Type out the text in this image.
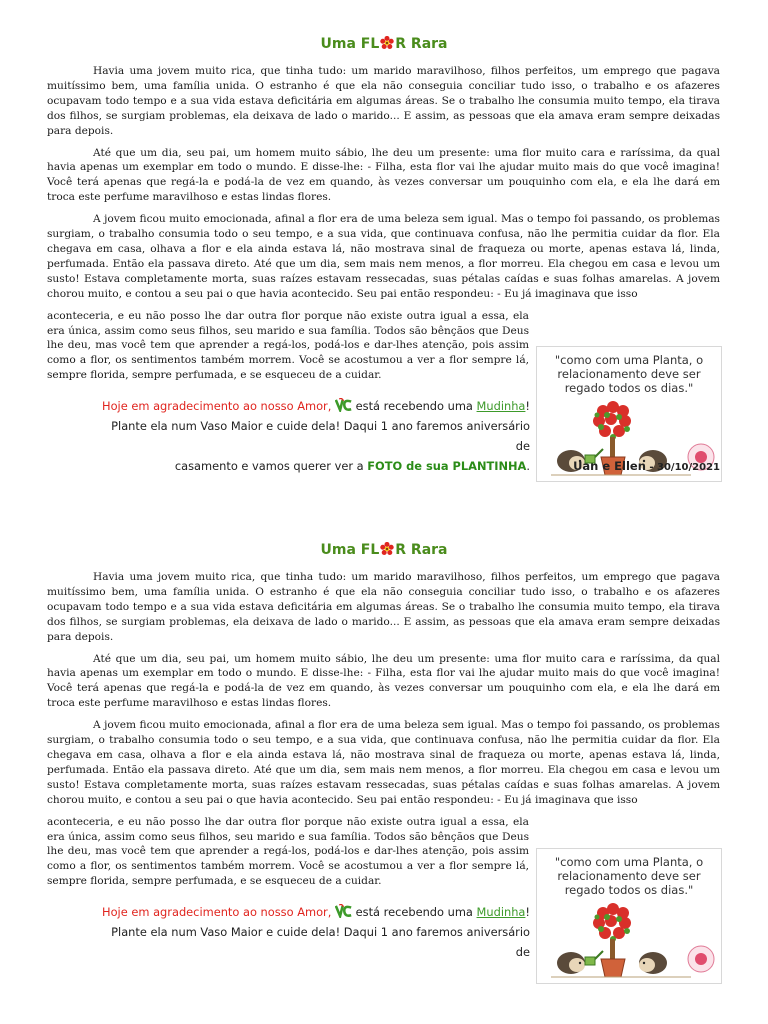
Uma FL R Rara

Havia uma jovem muito rica, que tinha tudo: um marido maravilhoso, filhos perfeitos, um emprego que pagava muitíssimo bem, uma família unida. O estranho é que ela não conseguia conciliar tudo isso, o trabalho e os afazeres ocupavam todo tempo e a sua vida estava deficitária em algumas áreas. Se o trabalho lhe consumia muito tempo, ela tirava dos filhos, se surgiam problemas, ela deixava de lado o marido... E assim, as pessoas que ela amava eram sempre deixadas para depois.

Até que um dia, seu pai, um homem muito sábio, lhe deu um presente: uma flor muito cara e raríssima, da qual havia apenas um exemplar em todo o mundo. E disse-lhe: - Filha, esta flor vai lhe ajudar muito mais do que você imagina! Você terá apenas que regá-la e podá-la de vez em quando, às vezes conversar um pouquinho com ela, e ela lhe dará em troca este perfume maravilhoso e estas lindas flores.

A jovem ficou muito emocionada, afinal a flor era de uma beleza sem igual. Mas o tempo foi passando, os problemas surgiam, o trabalho consumia todo o seu tempo, e a sua vida, que continuava confusa, não lhe permitia cuidar da flor. Ela chegava em casa, olhava a flor e ela ainda estava lá, não mostrava sinal de fraqueza ou morte, apenas estava lá, linda, perfumada. Então ela passava direto. Até que um dia, sem mais nem menos, a flor morreu. Ela chegou em casa e levou um susto! Estava completamente morta, suas raízes estavam ressecadas, suas pétalas caídas e suas folhas amarelas. A jovem chorou muito, e contou a seu pai o que havia acontecido. Seu pai então respondeu: - Eu já imaginava que isso

aconteceria, e eu não posso lhe dar outra flor porque não existe outra igual a essa, ela era única, assim como seus filhos, seu marido e sua família. Todos são bênçãos que Deus lhe deu, mas você tem que aprender a regá-los, podá-los e dar-lhes atenção, pois assim como a flor, os sentimentos também morrem. Você se acostumou a ver a flor sempre lá, sempre florida, sempre perfumada, e se esqueceu de a cuidar.

"como com uma Planta, o relacionamento deve ser regado todos os dias."
Hoje em agradecimento ao nosso Amor,  está recebendo uma Mudinha!
Plante ela num Vaso Maior e cuide dela! Daqui 1 ano faremos aniversário de
casamento e vamos querer ver a FOTO de sua PLANTINHA.	Uan e Ellen - 30/10/2021
Uma FL R Rara

Havia uma jovem muito rica, que tinha tudo: um marido maravilhoso, filhos perfeitos, um emprego que pagava muitíssimo bem, uma família unida. O estranho é que ela não conseguia conciliar tudo isso, o trabalho e os afazeres ocupavam todo tempo e a sua vida estava deficitária em algumas áreas. Se o trabalho lhe consumia muito tempo, ela tirava dos filhos, se surgiam problemas, ela deixava de lado o marido... E assim, as pessoas que ela amava eram sempre deixadas para depois.

Até que um dia, seu pai, um homem muito sábio, lhe deu um presente: uma flor muito cara e raríssima, da qual havia apenas um exemplar em todo o mundo. E disse-lhe: - Filha, esta flor vai lhe ajudar muito mais do que você imagina! Você terá apenas que regá-la e podá-la de vez em quando, às vezes conversar um pouquinho com ela, e ela lhe dará em troca este perfume maravilhoso e estas lindas flores.

A jovem ficou muito emocionada, afinal a flor era de uma beleza sem igual. Mas o tempo foi passando, os problemas surgiam, o trabalho consumia todo o seu tempo, e a sua vida, que continuava confusa, não lhe permitia cuidar da flor. Ela chegava em casa, olhava a flor e ela ainda estava lá, não mostrava sinal de fraqueza ou morte, apenas estava lá, linda, perfumada. Então ela passava direto. Até que um dia, sem mais nem menos, a flor morreu. Ela chegou em casa e levou um susto! Estava completamente morta, suas raízes estavam ressecadas, suas pétalas caídas e suas folhas amarelas. A jovem chorou muito, e contou a seu pai o que havia acontecido. Seu pai então respondeu: - Eu já imaginava que isso

aconteceria, e eu não posso lhe dar outra flor porque não existe outra igual a essa, ela era única, assim como seus filhos, seu marido e sua família. Todos são bênçãos que Deus lhe deu, mas você tem que aprender a regá-los, podá-los e dar-lhes atenção, pois assim como a flor, os sentimentos também morrem. Você se acostumou a ver a flor sempre lá, sempre florida, sempre perfumada, e se esqueceu de a cuidar.

"como com uma Planta, o relacionamento deve ser regado todos os dias."
Hoje em agradecimento ao nosso Amor,  está recebendo uma Mudinha!
Plante ela num Vaso Maior e cuide dela! Daqui 1 ano faremos aniversário de
